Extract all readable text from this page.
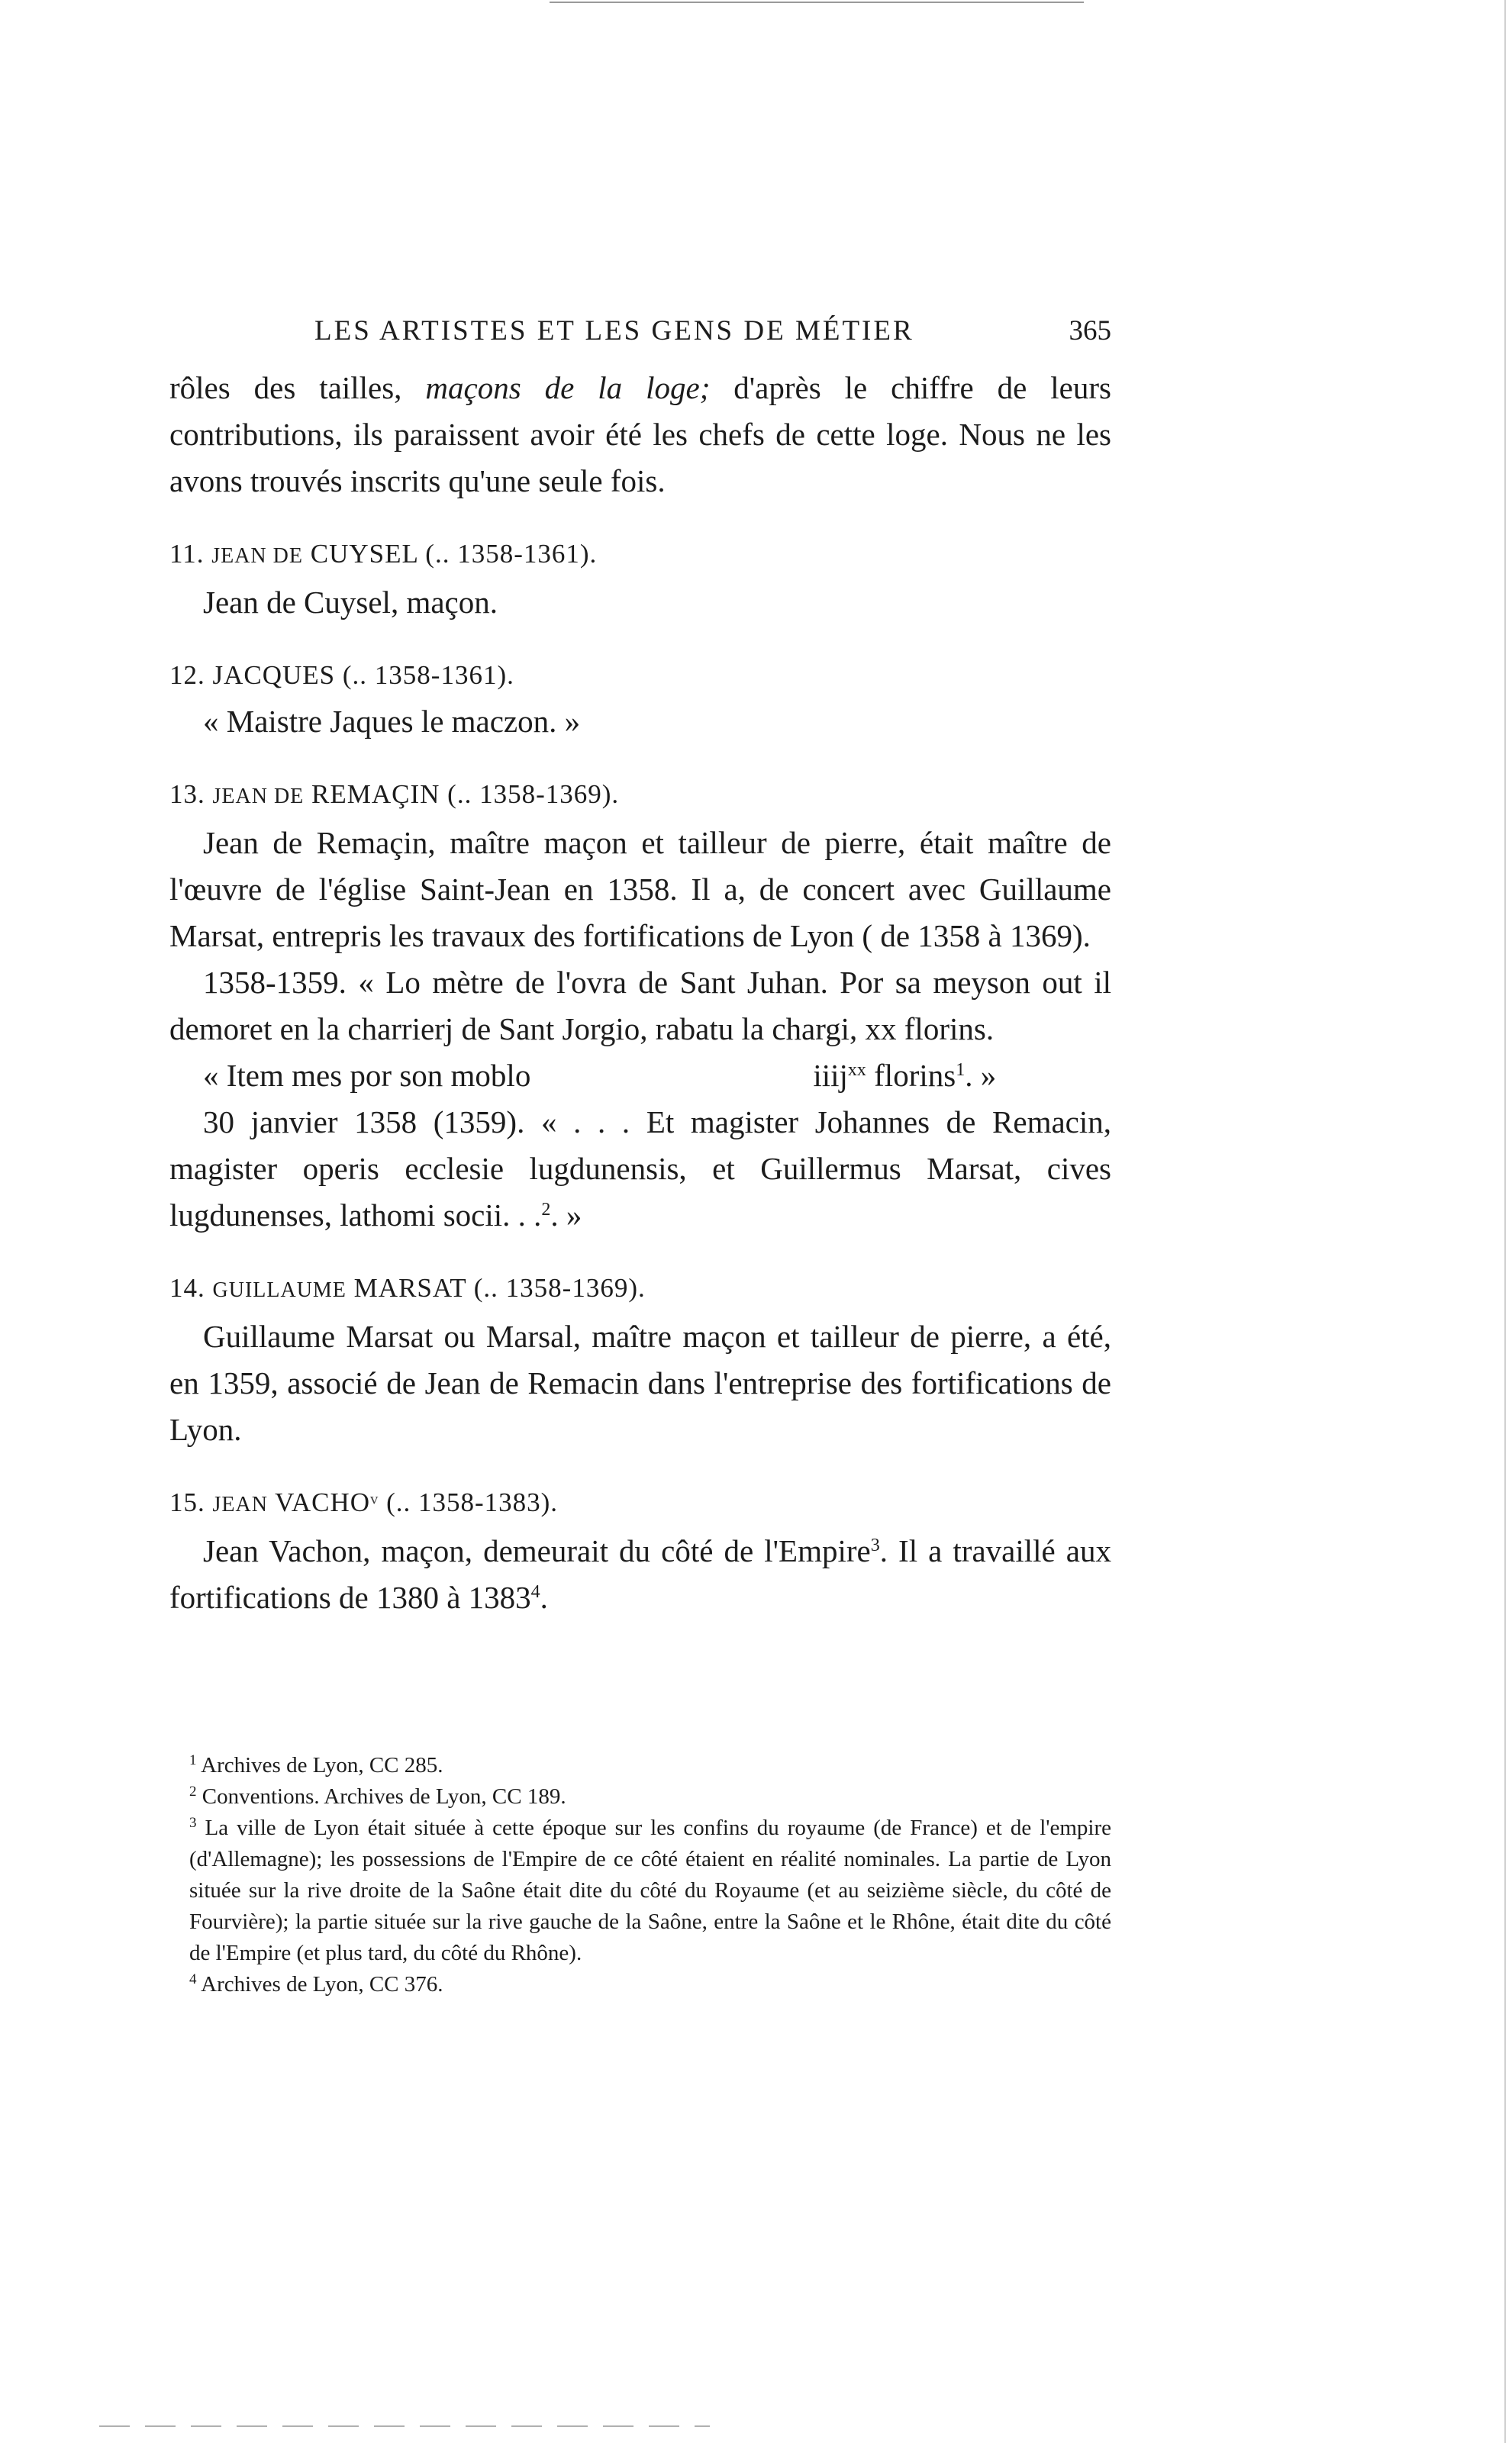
LES ARTISTES ET LES GENS DE MÉTIER	365

rôles des tailles, maçons de la loge; d'après le chiffre de leurs contributions, ils paraissent avoir été les chefs de cette loge. Nous ne les avons trouvés inscrits qu'une seule fois.

11. JEAN DE CUYSEL (.. 1358-1361).

Jean de Cuysel, maçon.

12. JACQUES (.. 1358-1361).

« Maistre Jaques le maczon. »

13. JEAN DE REMAÇIN (.. 1358-1369).

Jean de Remaçin, maître maçon et tailleur de pierre, était maître de l'œuvre de l'église Saint-Jean en 1358. Il a, de concert avec Guillaume Marsat, entrepris les travaux des fortifications de Lyon ( de 1358 à 1369).

1358-1359. « Lo mètre de l'ovra de Sant Juhan. Por sa meyson out il demoret en la charrierj de Sant Jorgio, rabatu la chargi, xx florins.

« Item mes por son moblo	iiij$^{xx}$ florins$^1$. »

30 janvier 1358 (1359). « . . . Et magister Johannes de Remacin, magister operis ecclesie lugdunensis, et Guillermus Marsat, cives lugdunenses, lathomi socii. . .$^2$. »

14. GUILLAUME MARSAT (.. 1358-1369).

Guillaume Marsat ou Marsal, maître maçon et tailleur de pierre, a été, en 1359, associé de Jean de Remacin dans l'entreprise des fortifications de Lyon.

15. JEAN VACHOᵛ (.. 1358-1383).

Jean Vachon, maçon, demeurait du côté de l'Empire$^3$. Il a travaillé aux fortifications de 1380 à 1383$^4$.

$^1$ Archives de Lyon, CC 285.

$^2$ Conventions. Archives de Lyon, CC 189.

$^3$ La ville de Lyon était située à cette époque sur les confins du royaume (de France) et de l'empire (d'Allemagne); les possessions de l'Empire de ce côté étaient en réalité nominales. La partie de Lyon située sur la rive droite de la Saône était dite du côté du Royaume (et au seizième siècle, du côté de Fourvière); la partie située sur la rive gauche de la Saône, entre la Saône et le Rhône, était dite du côté de l'Empire (et plus tard, du côté du Rhône).

$^4$ Archives de Lyon, CC 376.
